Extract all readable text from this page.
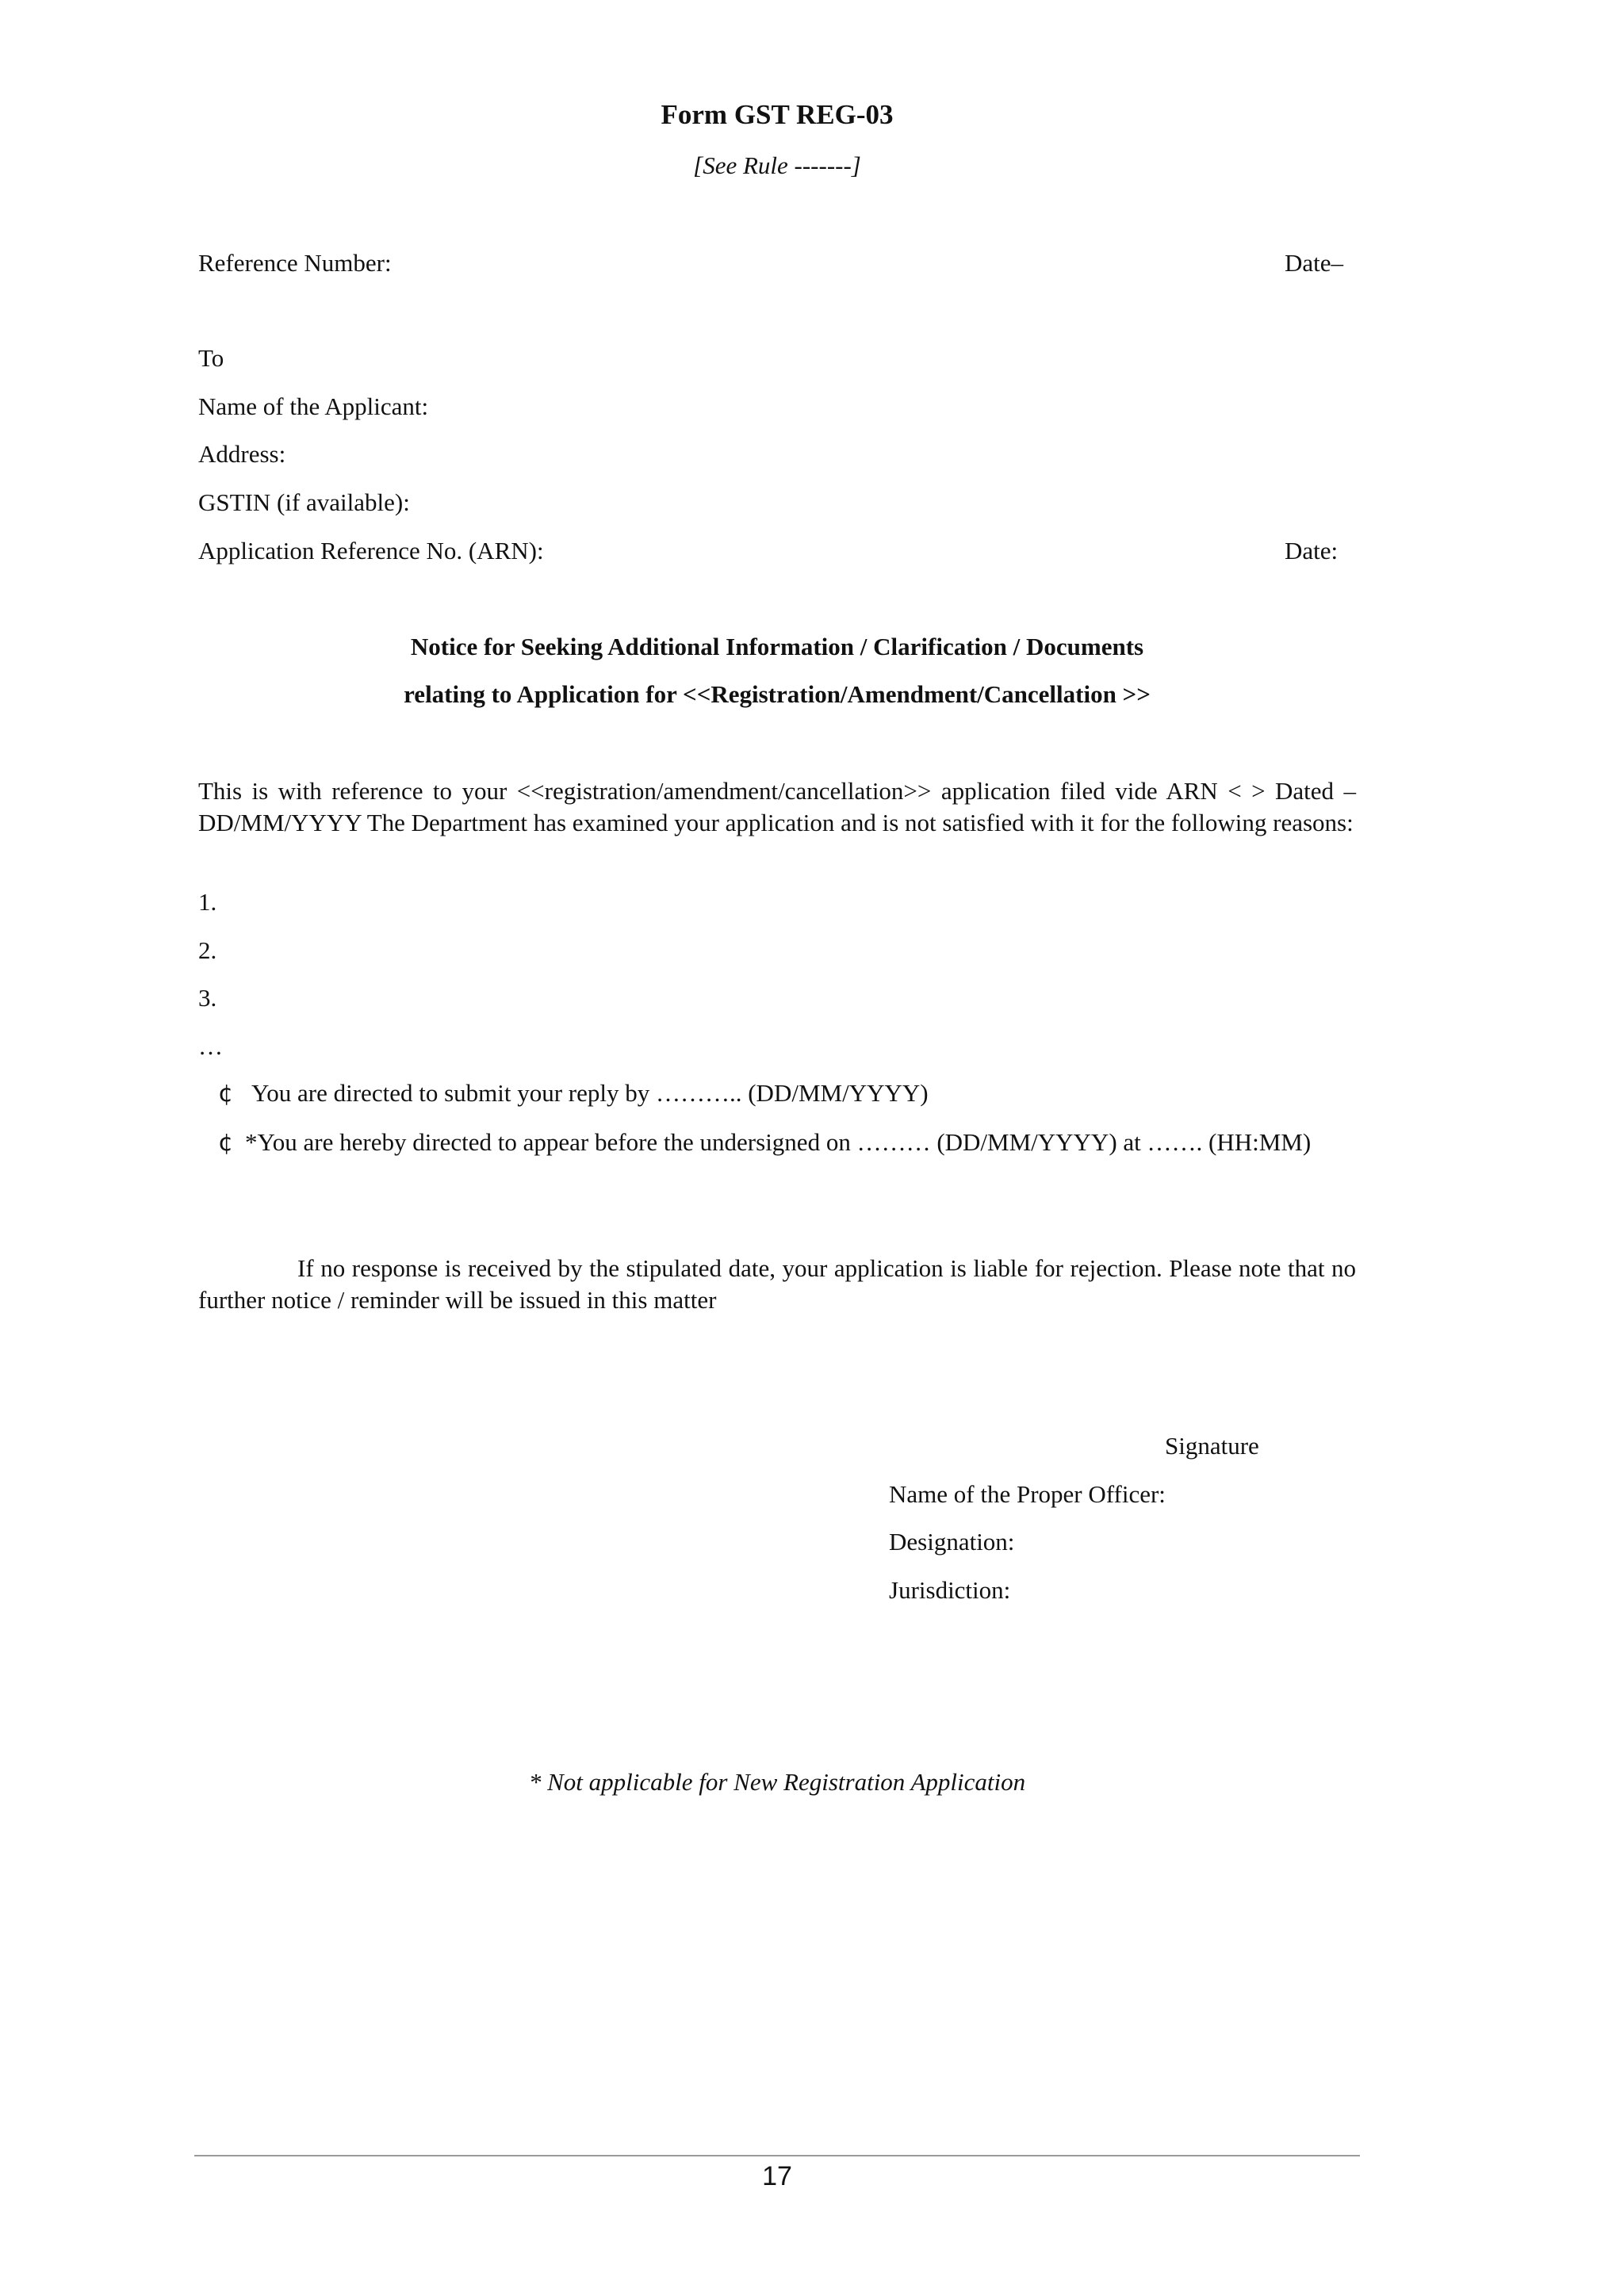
Form GST REG-03
[See Rule -------]
Reference Number:	Date–
To
Name of the Applicant:
Address:
GSTIN (if available):
Application Reference No. (ARN):	Date:
Notice for Seeking Additional Information / Clarification / Documents
relating to Application for <<Registration/Amendment/Cancellation >>
This is with reference to your <<registration/amendment/cancellation>> application filed vide ARN < > Dated –DD/MM/YYYY The Department has examined your application and is not satisfied with it for the following reasons:
1.
2.
3.
…
¢ You are directed to submit your reply by ……….. (DD/MM/YYYY)
¢ *You are hereby directed to appear before the undersigned on ……… (DD/MM/YYYY) at ……. (HH:MM)
If no response is received by the stipulated date, your application is liable for rejection. Please note that no further notice / reminder will be issued in this matter
Signature
Name of the Proper Officer:
Designation:
Jurisdiction:
* Not applicable for New Registration Application
17
